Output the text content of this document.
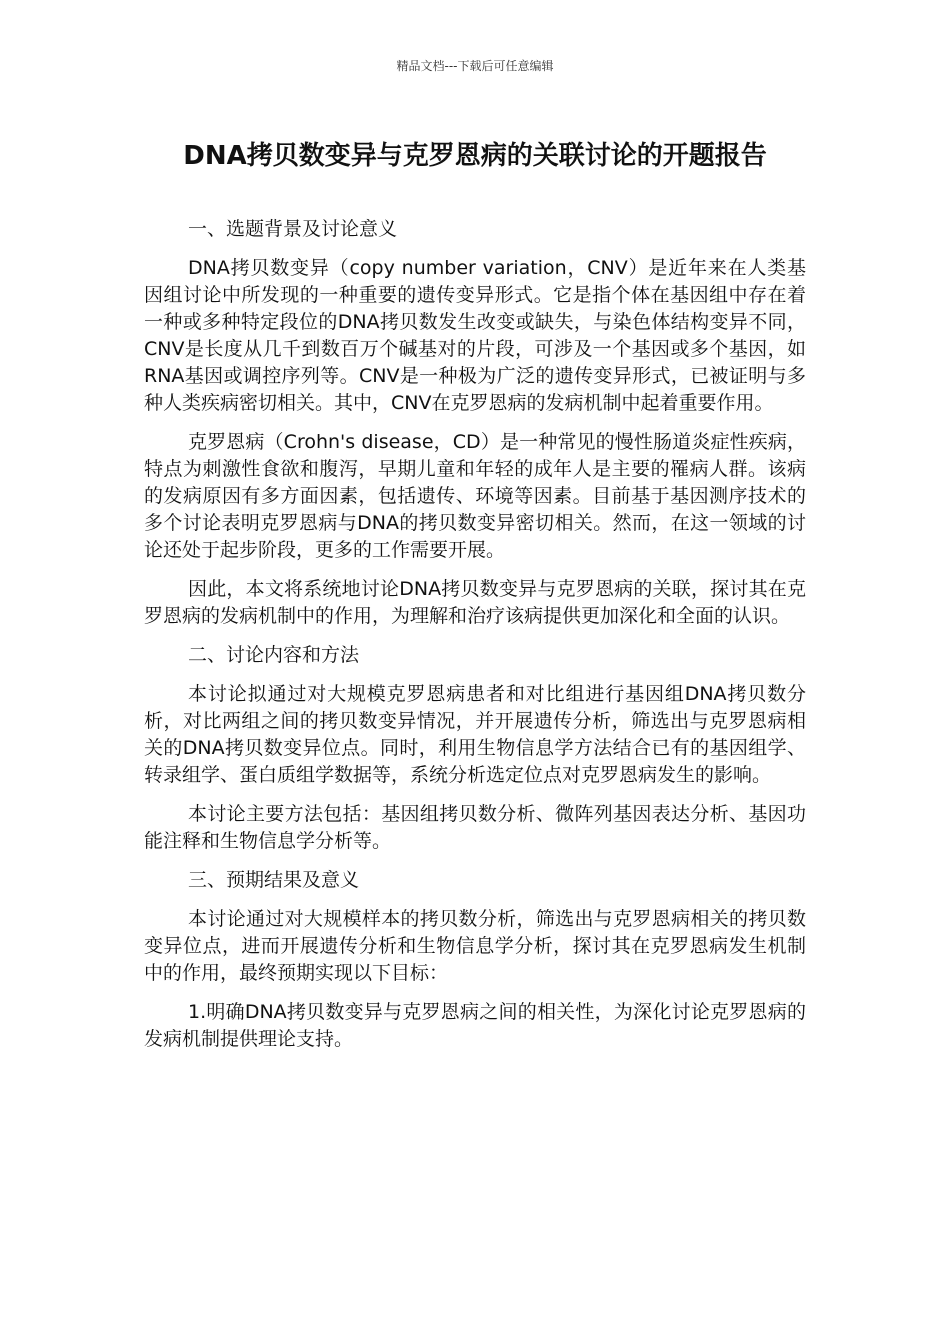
精品文档---下载后可任意编辑
DNA拷贝数变异与克罗恩病的关联讨论的开题报告

一、选题背景及讨论意义

DNA拷贝数变异（copy number variation，CNV）是近年来在人类基因组讨论中所发现的一种重要的遗传变异形式。它是指个体在基因组中存在着一种或多种特定段位的DNA拷贝数发生改变或缺失，与染色体结构变异不同，CNV是长度从几千到数百万个碱基对的片段，可涉及一个基因或多个基因，如RNA基因或调控序列等。CNV是一种极为广泛的遗传变异形式，已被证明与多种人类疾病密切相关。其中，CNV在克罗恩病的发病机制中起着重要作用。

克罗恩病（Crohn's disease，CD）是一种常见的慢性肠道炎症性疾病，特点为刺激性食欲和腹泻，早期儿童和年轻的成年人是主要的罹病人群。该病的发病原因有多方面因素，包括遗传、环境等因素。目前基于基因测序技术的多个讨论表明克罗恩病与DNA的拷贝数变异密切相关。然而，在这一领域的讨论还处于起步阶段，更多的工作需要开展。

因此，本文将系统地讨论DNA拷贝数变异与克罗恩病的关联，探讨其在克罗恩病的发病机制中的作用，为理解和治疗该病提供更加深化和全面的认识。

二、讨论内容和方法

本讨论拟通过对大规模克罗恩病患者和对比组进行基因组DNA拷贝数分析，对比两组之间的拷贝数变异情况，并开展遗传分析，筛选出与克罗恩病相关的DNA拷贝数变异位点。同时，利用生物信息学方法结合已有的基因组学、转录组学、蛋白质组学数据等，系统分析选定位点对克罗恩病发生的影响。

本讨论主要方法包括：基因组拷贝数分析、微阵列基因表达分析、基因功能注释和生物信息学分析等。

三、预期结果及意义

本讨论通过对大规模样本的拷贝数分析，筛选出与克罗恩病相关的拷贝数变异位点，进而开展遗传分析和生物信息学分析，探讨其在克罗恩病发生机制中的作用，最终预期实现以下目标：

1.明确DNA拷贝数变异与克罗恩病之间的相关性，为深化讨论克罗恩病的发病机制提供理论支持。
